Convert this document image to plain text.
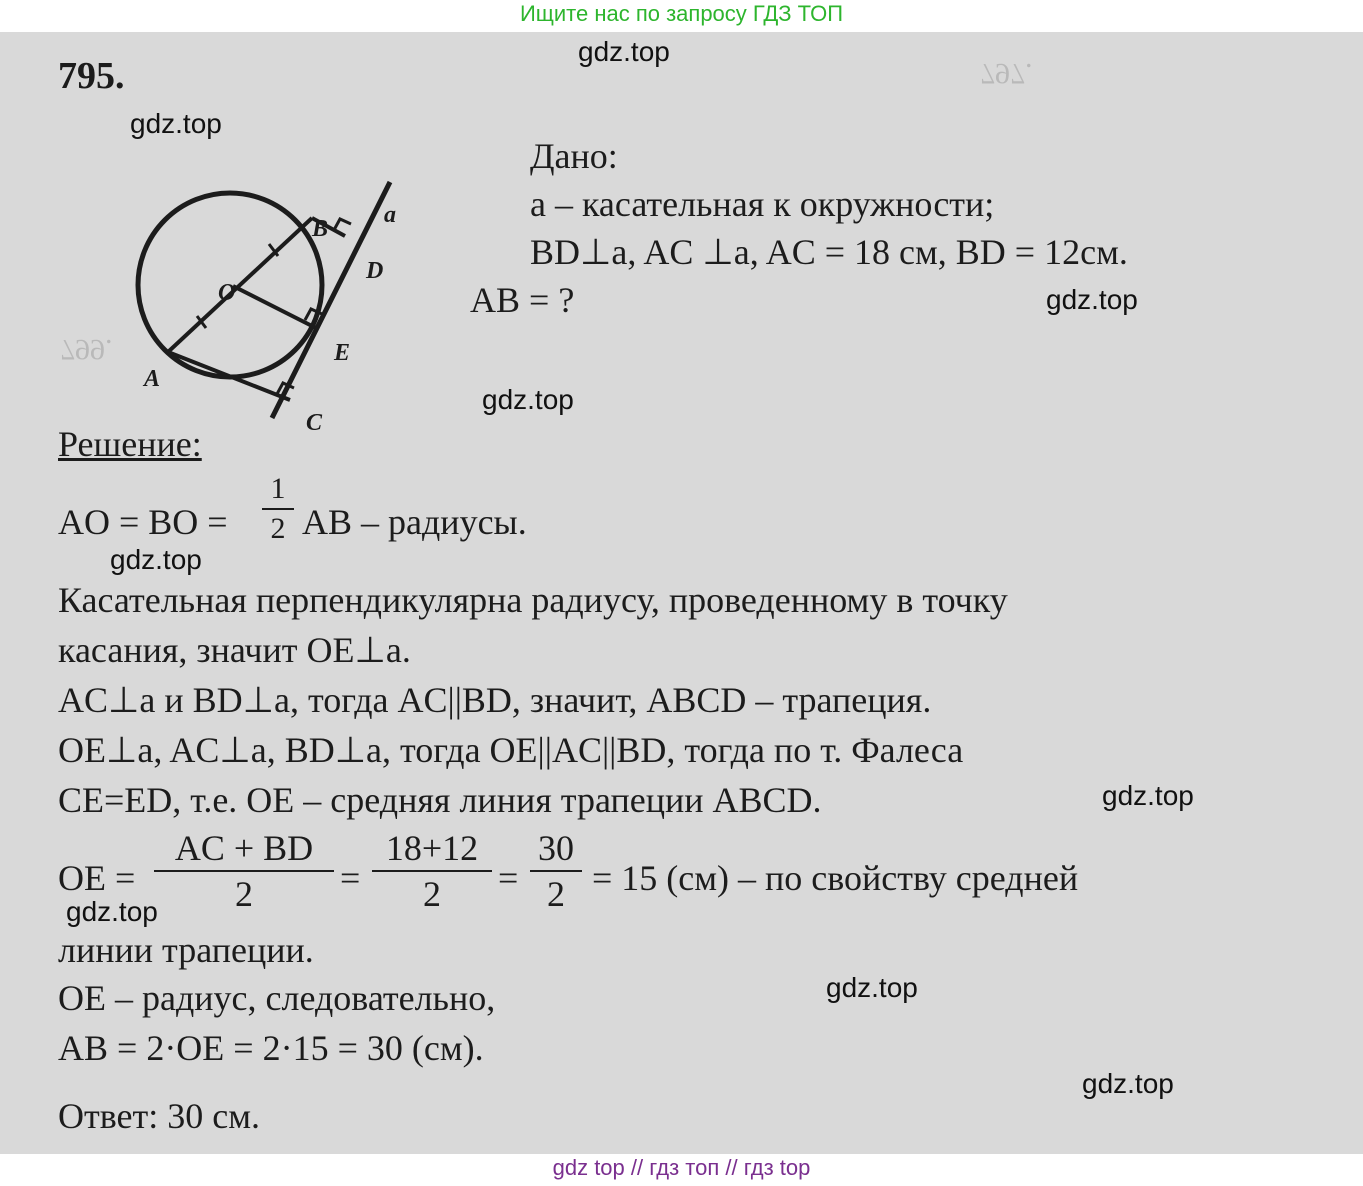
Ищите нас по запросу ГДЗ ТОП
797.
799.
795.
B
a
O
D
E
A
C
Дано:
а – касательная к окружности;
BD⊥a, AC ⊥a, AC = 18 см, BD = 12см.
AB = ?
Решение:
AO = BO =
1
2 AB – радиусы.
Касательная перпендикулярна радиусу, проведенному в точку
касания, значит OE⊥a.
AC⊥a и BD⊥a, тогда AC||BD, значит, ABCD – трапеция.
OE⊥a, AC⊥a, BD⊥a, тогда OE||AC||BD, тогда по т. Фалеса
CE=ED, т.е. OE – средняя линия трапеции ABCD.
OE =
AC + BD
2	=
18+12
2	=
30
2 = 15 (см) – по свойству средней
линии трапеции.
OE – радиус, следовательно,
AB = 2·OE = 2·15 = 30 (см).
Ответ: 30 см.
gdz.top
gdz.top
gdz.top
gdz.top
gdz.top
gdz.top
gdz.top
gdz.top
gdz.top
gdz top // гдз топ // гдз top
